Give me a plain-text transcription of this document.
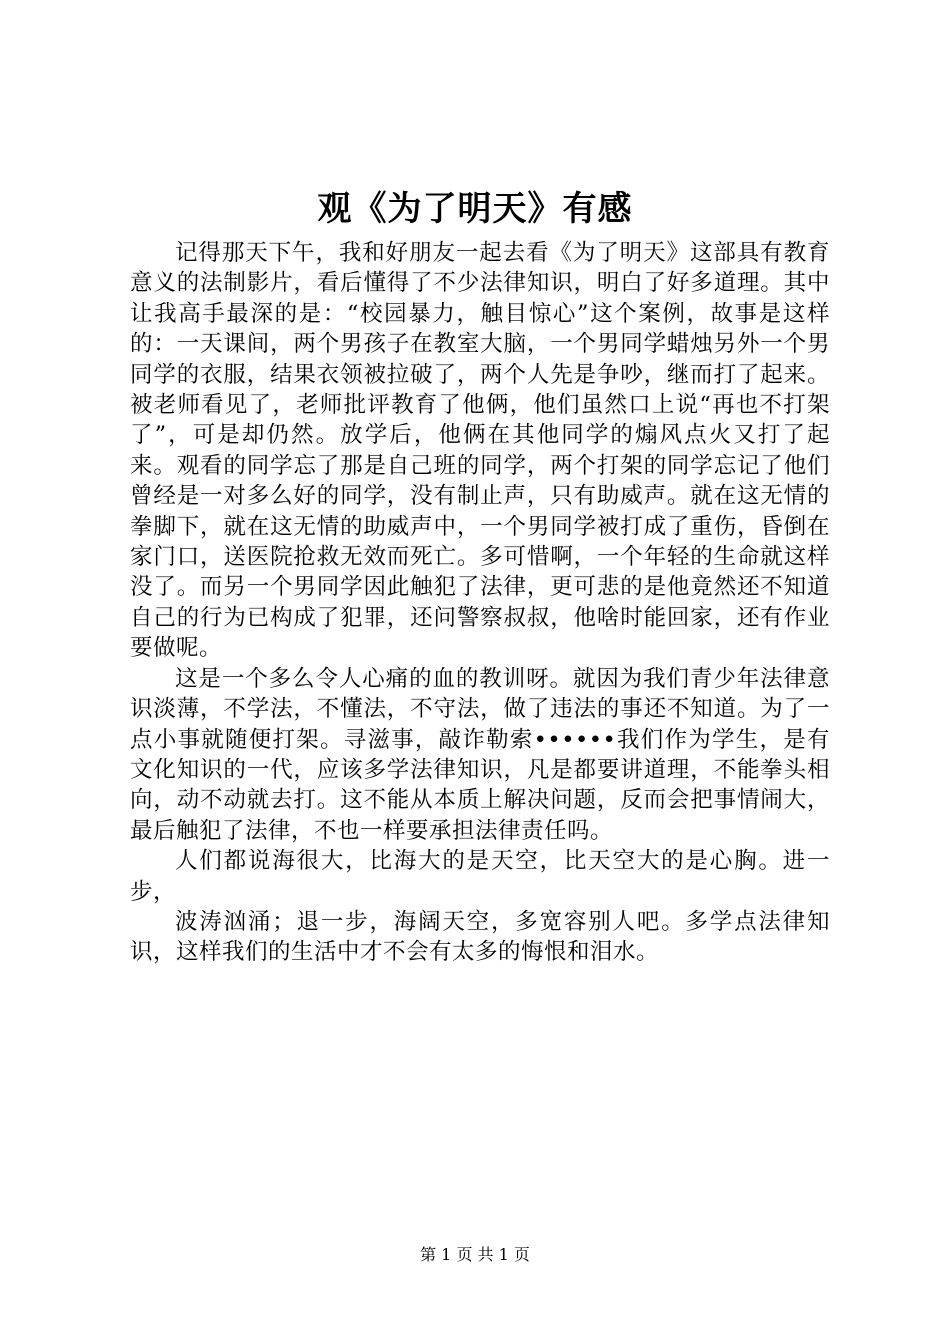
观《为了明天》有感

记得那天下午，我和好朋友一起去看《为了明天》这部具有教育意义的法制影片，看后懂得了不少法律知识，明白了好多道理。其中让我高手最深的是：“校园暴力，触目惊心”这个案例，故事是这样的：一天课间，两个男孩子在教室大脑，一个男同学蜡烛另外一个男同学的衣服，结果衣领被拉破了，两个人先是争吵，继而打了起来。被老师看见了，老师批评教育了他俩，他们虽然口上说“再也不打架了”，可是却仍然。放学后，他俩在其他同学的煽风点火又打了起来。观看的同学忘了那是自己班的同学，两个打架的同学忘记了他们曾经是一对多么好的同学，没有制止声，只有助威声。就在这无情的拳脚下，就在这无情的助威声中，一个男同学被打成了重伤，昏倒在家门口，送医院抢救无效而死亡。多可惜啊，一个年轻的生命就这样没了。而另一个男同学因此触犯了法律，更可悲的是他竟然还不知道自己的行为已构成了犯罪，还问警察叔叔，他啥时能回家，还有作业要做呢。

这是一个多么令人心痛的血的教训呀。就因为我们青少年法律意识淡薄，不学法，不懂法，不守法，做了违法的事还不知道。为了一点小事就随便打架。寻滋事，敲诈勒索••••••我们作为学生，是有文化知识的一代，应该多学法律知识，凡是都要讲道理，不能拳头相向，动不动就去打。这不能从本质上解决问题，反而会把事情闹大，最后触犯了法律，不也一样要承担法律责任吗。

人们都说海很大，比海大的是天空，比天空大的是心胸。进一步，

波涛汹涌；退一步，海阔天空，多宽容别人吧。多学点法律知识，这样我们的生活中才不会有太多的悔恨和泪水。

第 1 页 共 1 页
